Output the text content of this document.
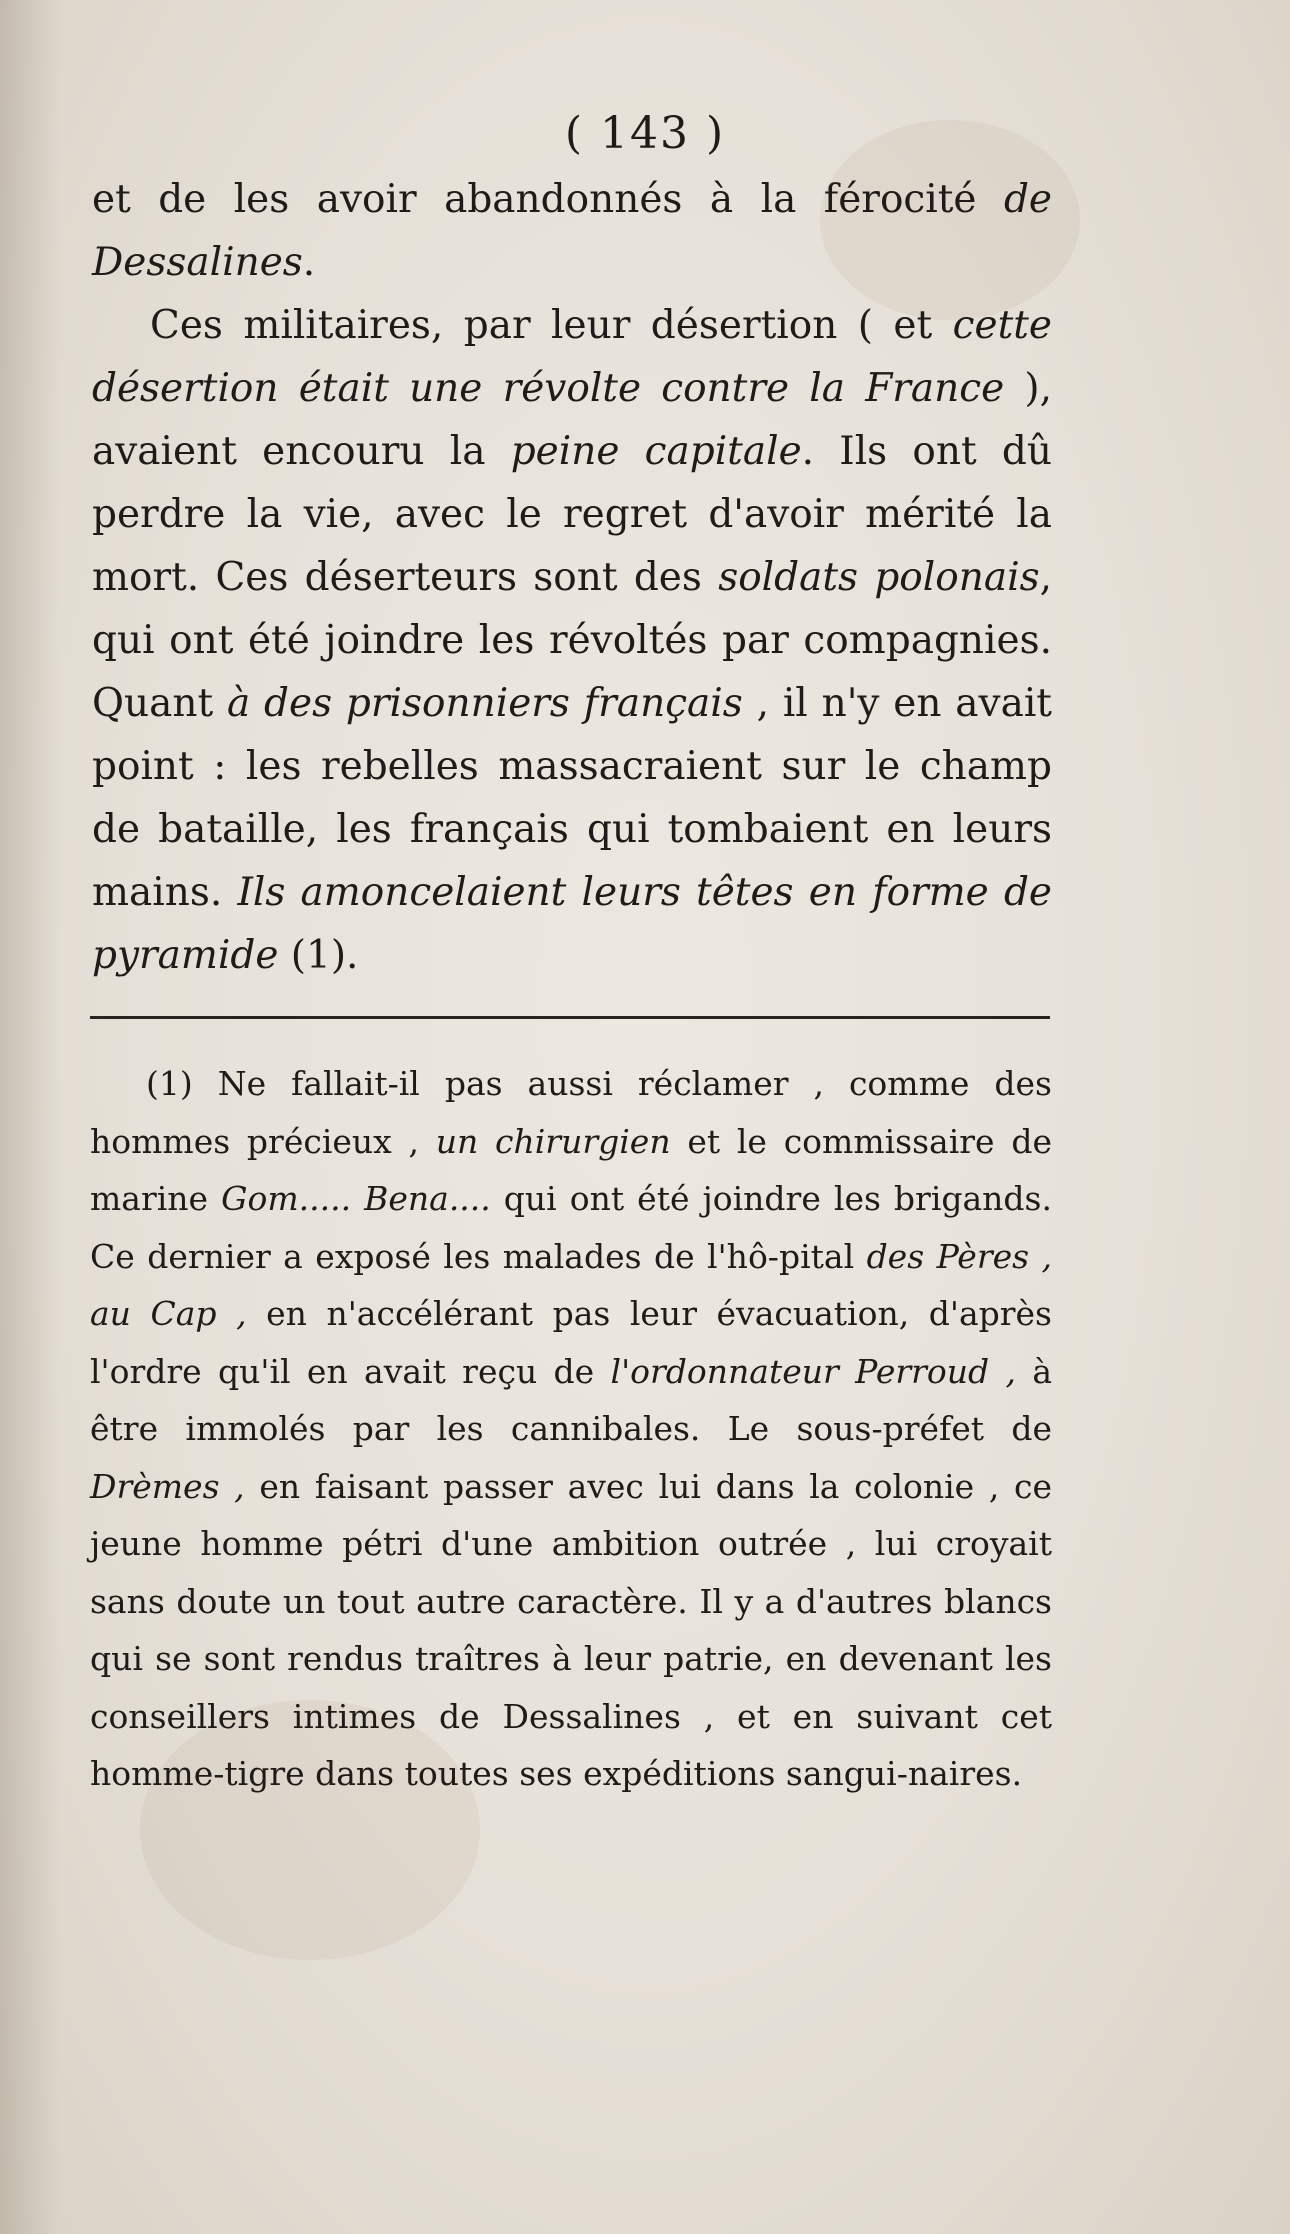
( 143 )

et de les avoir abandonnés à la férocité de Dessalines.

Ces militaires, par leur désertion ( et cette désertion était une révolte contre la France ), avaient encouru la peine capitale. Ils ont dû perdre la vie, avec le regret d'avoir mérité la mort. Ces déserteurs sont des soldats polonais, qui ont été joindre les révoltés par compagnies. Quant à des prisonniers français , il n'y en avait point : les rebelles massacraient sur le champ de bataille, les français qui tombaient en leurs mains. Ils amoncelaient leurs têtes en forme de pyramide (1).

(1) Ne fallait-il pas aussi réclamer , comme des hommes précieux , un chirurgien et le commissaire de marine Gom..... Bena.... qui ont été joindre les brigands. Ce dernier a exposé les malades de l'hô-pital des Pères , au Cap , en n'accélérant pas leur évacuation, d'après l'ordre qu'il en avait reçu de l'ordonnateur Perroud , à être immolés par les cannibales. Le sous-préfet de Drèmes , en faisant passer avec lui dans la colonie , ce jeune homme pétri d'une ambition outrée , lui croyait sans doute un tout autre caractère. Il y a d'autres blancs qui se sont rendus traîtres à leur patrie, en devenant les conseillers intimes de Dessalines , et en suivant cet homme-tigre dans toutes ses expéditions sangui-naires.
